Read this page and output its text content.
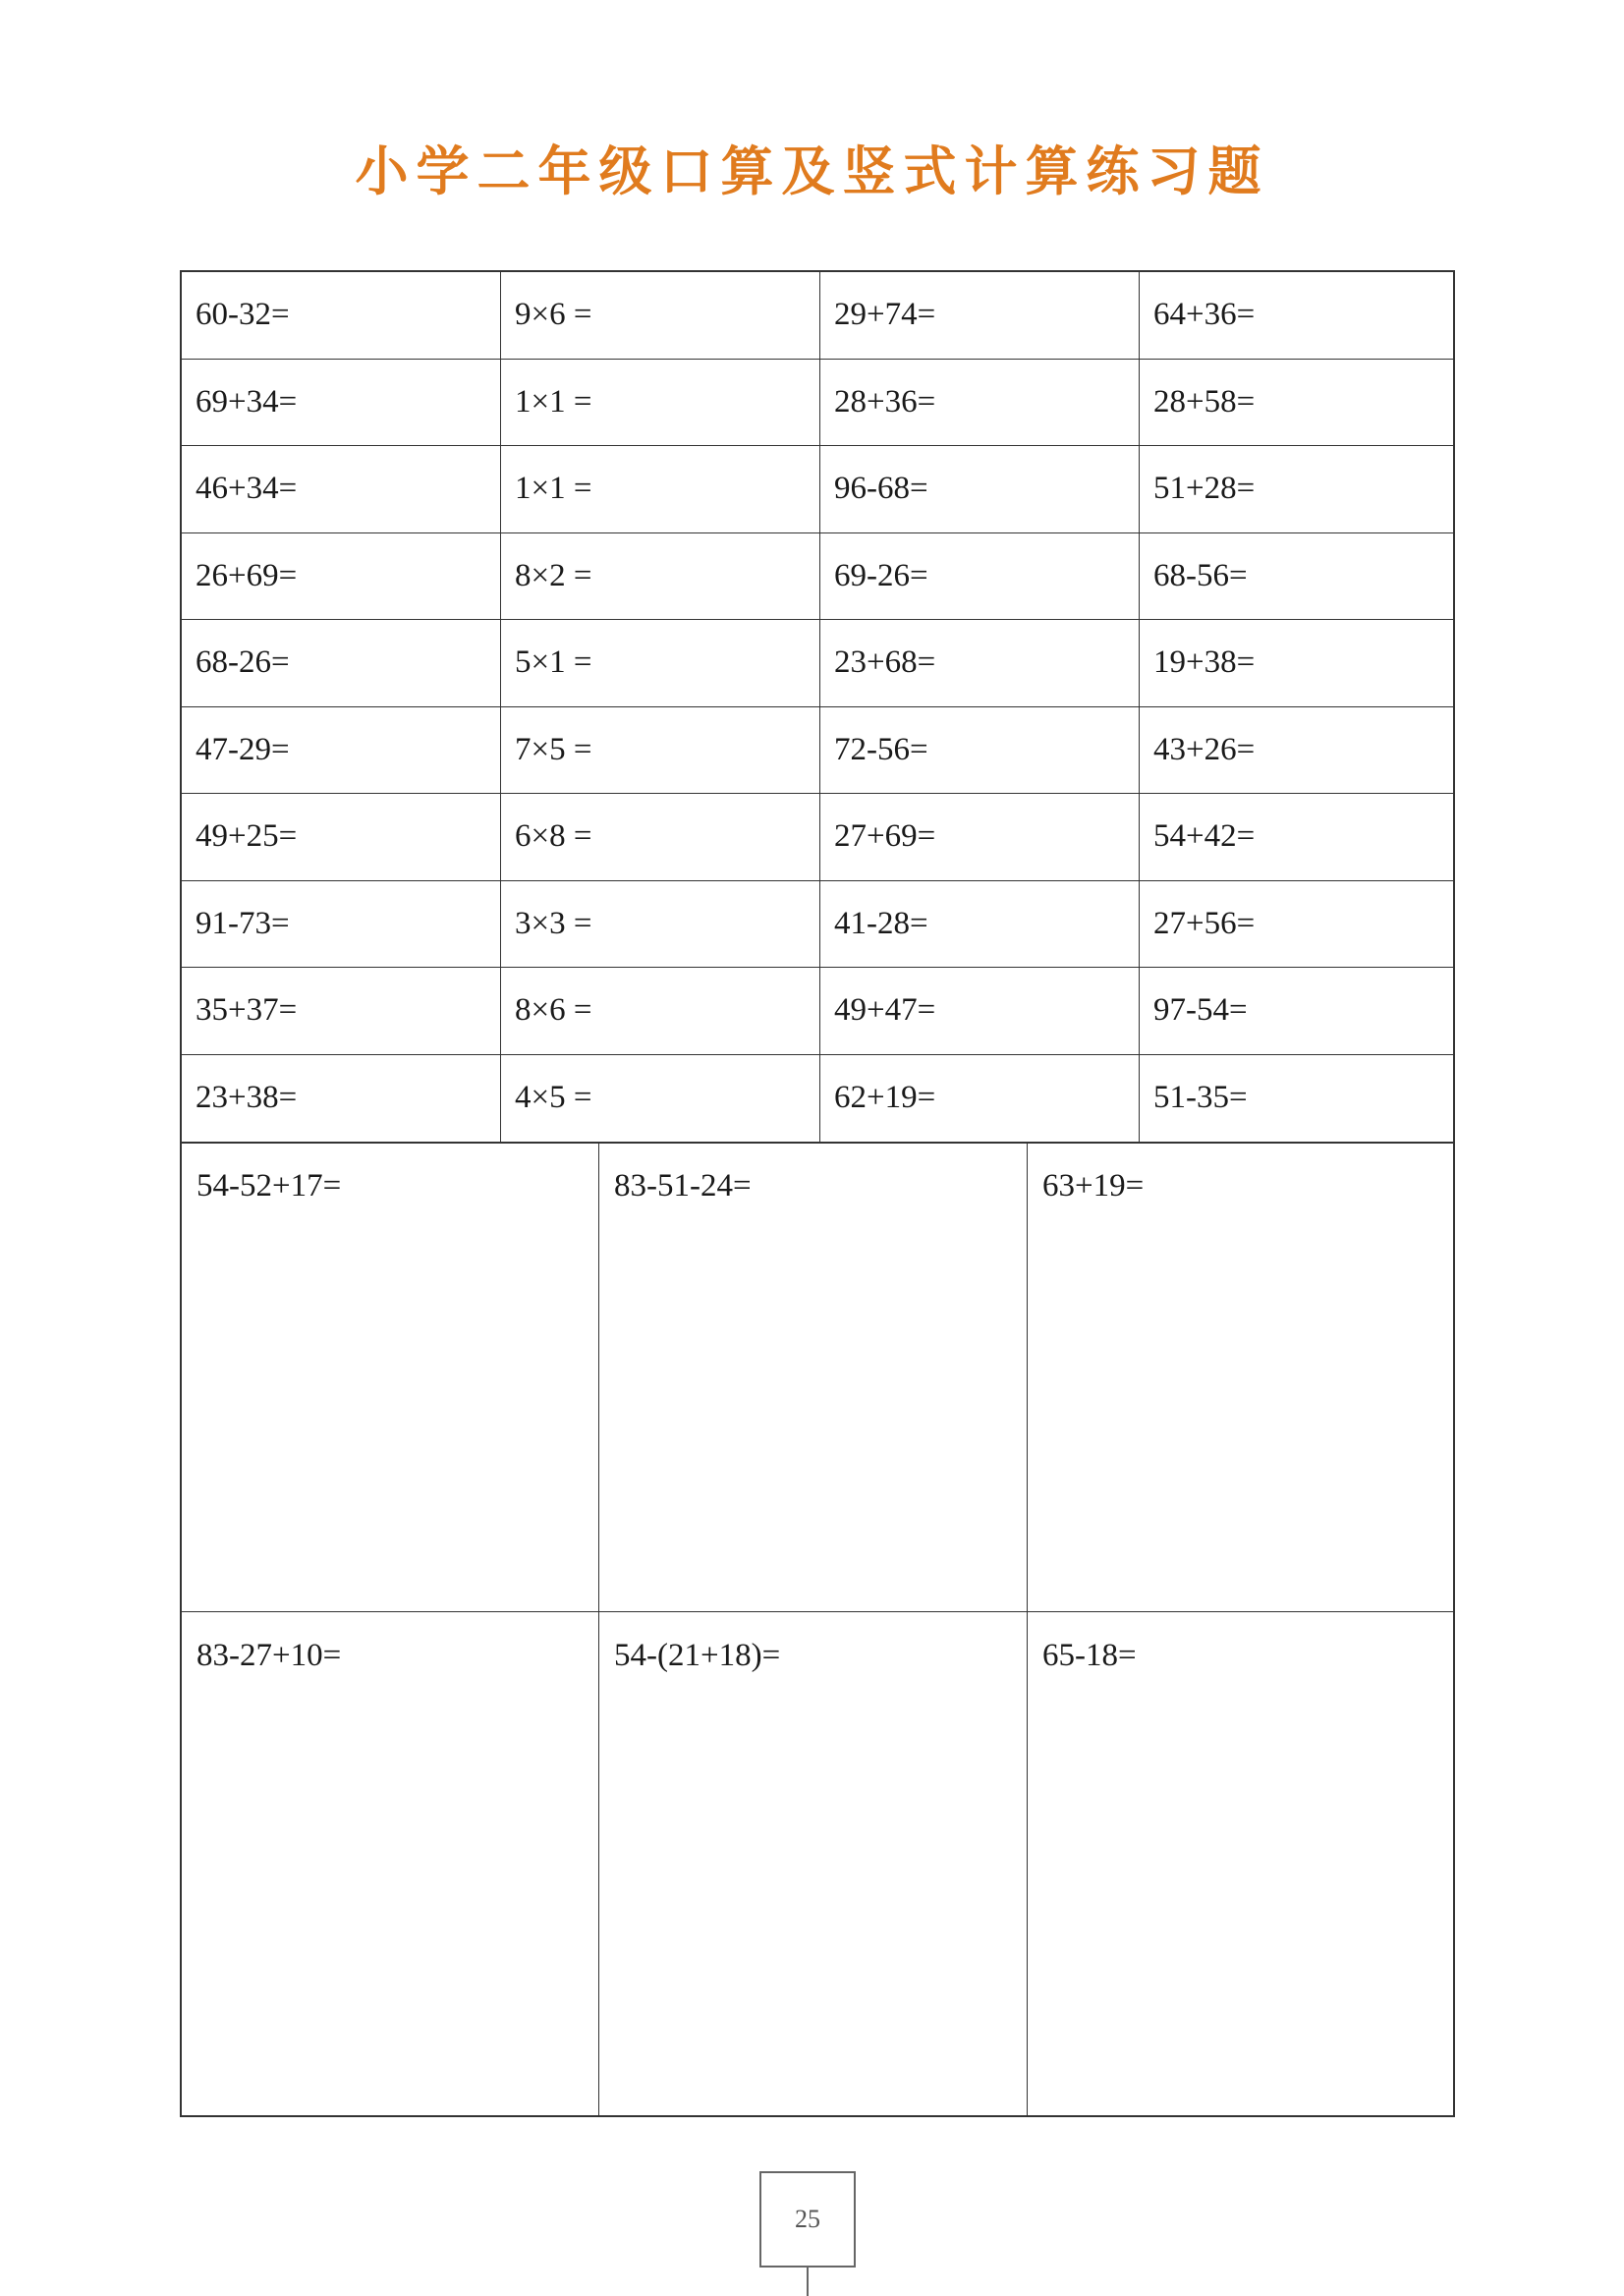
小学二年级口算及竖式计算练习题
60-32=	9×6 =	29+74=	64+36=
69+34=	1×1 =	28+36=	28+58=
46+34=	1×1 =	96-68=	51+28=
26+69=	8×2 =	69-26=	68-56=
68-26=	5×1 =	23+68=	19+38=
47-29=	7×5 =	72-56=	43+26=
49+25=	6×8 =	27+69=	54+42=
91-73=	3×3 =	41-28=	27+56=
35+37=	8×6 =	49+47=	97-54=
23+38=	4×5 =	62+19=	51-35=
54-52+17=	83-51-24=	63+19=
83-27+10=	54-(21+18)=	65-18=
25
